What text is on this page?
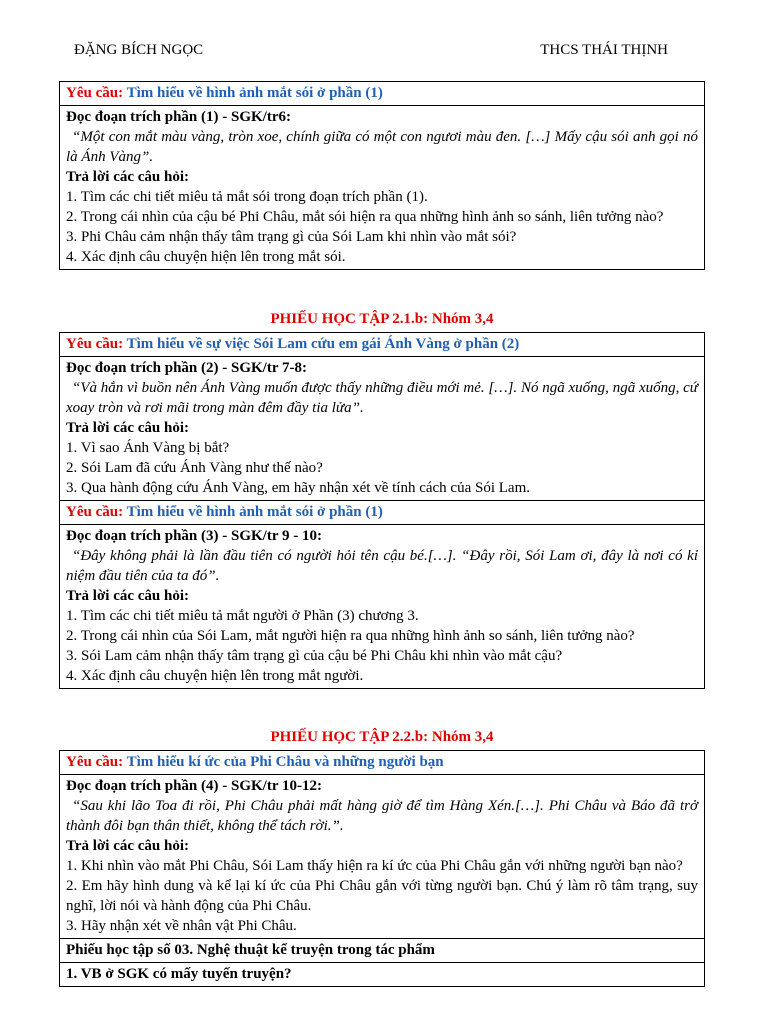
ĐẶNG BÍCH NGỌC	THCS THÁI THỊNH
Yêu cầu: Tìm hiểu về hình ảnh mắt sói ở phần (1)
Đọc đoạn trích phần (1) - SGK/tr6:
“Một con mắt màu vàng, tròn xoe, chính giữa có một con ngươi màu đen. […] Mấy cậu sói anh gọi nó là Ánh Vàng”.
Trả lời các câu hỏi:
1. Tìm các chi tiết miêu tả mắt sói trong đoạn trích phần (1).
2. Trong cái nhìn của cậu bé Phi Châu, mắt sói hiện ra qua những hình ảnh so sánh, liên tưởng nào?
3. Phi Châu cảm nhận thấy tâm trạng gì của Sói Lam khi nhìn vào mắt sói?
4. Xác định câu chuyện hiện lên trong mắt sói.
PHIẾU HỌC TẬP 2.1.b: Nhóm 3,4
Yêu cầu: Tìm hiểu về sự việc Sói Lam cứu em gái Ánh Vàng ở phần (2)
Đọc đoạn trích phần (2) - SGK/tr 7-8:
“Và hắn vì buồn nên Ánh Vàng muốn được thấy những điều mới mẻ. […]. Nó ngã xuống, ngã xuống, cứ xoay tròn và rơi mãi trong màn đêm đầy tia lửa”.
Trả lời các câu hỏi:
1. Vì sao Ánh Vàng bị bắt?
2. Sói Lam đã cứu Ánh Vàng như thế nào?
3. Qua hành động cứu Ánh Vàng, em hãy nhận xét về tính cách của Sói Lam.
Yêu cầu: Tìm hiểu về hình ảnh mắt sói ở phần (1)
Đọc đoạn trích phần (3) - SGK/tr 9 - 10:
“Đây không phải là lần đầu tiên có người hỏi tên cậu bé.[…]. “Đây rồi, Sói Lam ơi, đây là nơi có kỉ niệm đầu tiên của ta đó”.
Trả lời các câu hỏi:
1. Tìm các chi tiết miêu tả mắt người ở Phần (3) chương 3.
2. Trong cái nhìn của Sói Lam, mắt người hiện ra qua những hình ảnh so sánh, liên tưởng nào?
3. Sói Lam cảm nhận thấy tâm trạng gì của cậu bé Phi Châu khi nhìn vào mắt cậu?
4. Xác định câu chuyện hiện lên trong mắt người.
PHIẾU HỌC TẬP 2.2.b: Nhóm 3,4
Yêu cầu: Tìm hiểu kí ức của Phi Châu và những người bạn
Đọc đoạn trích phần (4) - SGK/tr 10-12:
“Sau khi lão Toa đi rồi, Phi Châu phải mất hàng giờ để tìm Hàng Xén.[…]. Phi Châu và Báo đã trở thành đôi bạn thân thiết, không thể tách rời.”.
Trả lời các câu hỏi:
1. Khi nhìn vào mắt Phi Châu, Sói Lam thấy hiện ra kí ức của Phi Châu gắn với những người bạn nào?
2. Em hãy hình dung và kể lại kí ức của Phi Châu gắn với từng người bạn. Chú ý làm rõ tâm trạng, suy nghĩ, lời nói và hành động của Phi Châu.
3. Hãy nhận xét về nhân vật Phi Châu.
Phiếu học tập số 03. Nghệ thuật kể truyện trong tác phẩm
1. VB ở SGK có mấy tuyến truyện?
